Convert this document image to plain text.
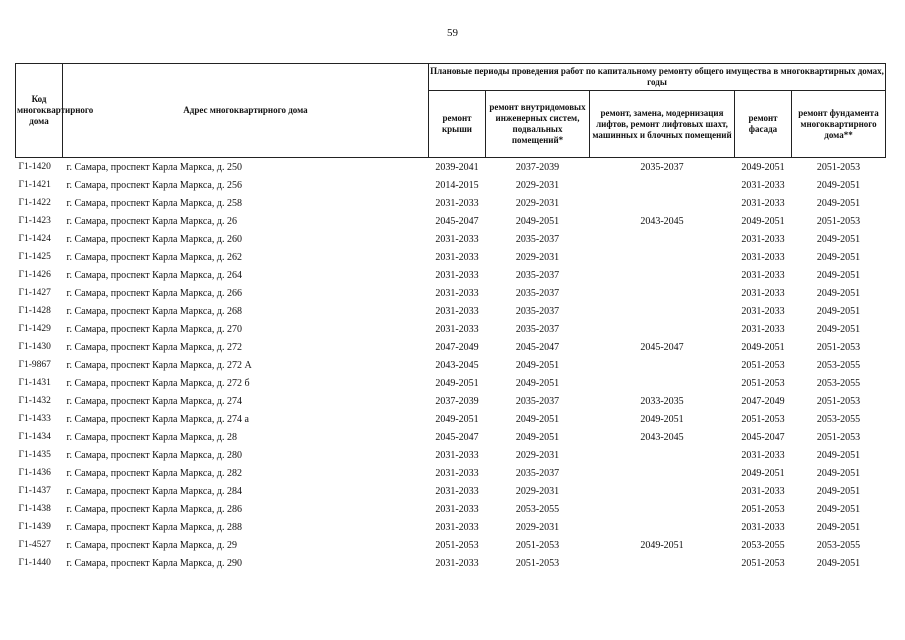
59
Код многоквартирного дома	Адрес многоквартирного дома	Плановые периоды проведения работ по капитальному ремонту общего имущества в многоквартирных домах, годы				
		ремонт крыши	ремонт внутридомовых инженерных систем, подвальных помещений*	ремонт, замена, модернизация лифтов, ремонт лифтовых шахт, машинных и блочных помещений	ремонт фасада	ремонт фундамента многоквартирного дома**
Г1-1420	г. Самара, проспект Карла Маркса, д. 250	2039-2041	2037-2039	2035-2037	2049-2051	2051-2053
Г1-1421	г. Самара, проспект Карла Маркса, д. 256	2014-2015	2029-2031		2031-2033	2049-2051
Г1-1422	г. Самара, проспект Карла Маркса, д. 258	2031-2033	2029-2031		2031-2033	2049-2051
Г1-1423	г. Самара, проспект Карла Маркса, д. 26	2045-2047	2049-2051	2043-2045	2049-2051	2051-2053
Г1-1424	г. Самара, проспект Карла Маркса, д. 260	2031-2033	2035-2037		2031-2033	2049-2051
Г1-1425	г. Самара, проспект Карла Маркса, д. 262	2031-2033	2029-2031		2031-2033	2049-2051
Г1-1426	г. Самара, проспект Карла Маркса, д. 264	2031-2033	2035-2037		2031-2033	2049-2051
Г1-1427	г. Самара, проспект Карла Маркса, д. 266	2031-2033	2035-2037		2031-2033	2049-2051
Г1-1428	г. Самара, проспект Карла Маркса, д. 268	2031-2033	2035-2037		2031-2033	2049-2051
Г1-1429	г. Самара, проспект Карла Маркса, д. 270	2031-2033	2035-2037		2031-2033	2049-2051
Г1-1430	г. Самара, проспект Карла Маркса, д. 272	2047-2049	2045-2047	2045-2047	2049-2051	2051-2053
Г1-9867	г. Самара, проспект Карла Маркса, д. 272 А	2043-2045	2049-2051		2051-2053	2053-2055
Г1-1431	г. Самара, проспект Карла Маркса, д. 272 б	2049-2051	2049-2051		2051-2053	2053-2055
Г1-1432	г. Самара, проспект Карла Маркса, д. 274	2037-2039	2035-2037	2033-2035	2047-2049	2051-2053
Г1-1433	г. Самара, проспект Карла Маркса, д. 274 а	2049-2051	2049-2051	2049-2051	2051-2053	2053-2055
Г1-1434	г. Самара, проспект Карла Маркса, д. 28	2045-2047	2049-2051	2043-2045	2045-2047	2051-2053
Г1-1435	г. Самара, проспект Карла Маркса, д. 280	2031-2033	2029-2031		2031-2033	2049-2051
Г1-1436	г. Самара, проспект Карла Маркса, д. 282	2031-2033	2035-2037		2049-2051	2049-2051
Г1-1437	г. Самара, проспект Карла Маркса, д. 284	2031-2033	2029-2031		2031-2033	2049-2051
Г1-1438	г. Самара, проспект Карла Маркса, д. 286	2031-2033	2053-2055		2051-2053	2049-2051
Г1-1439	г. Самара, проспект Карла Маркса, д. 288	2031-2033	2029-2031		2031-2033	2049-2051
Г1-4527	г. Самара, проспект Карла Маркса, д. 29	2051-2053	2051-2053	2049-2051	2053-2055	2053-2055
Г1-1440	г. Самара, проспект Карла Маркса, д. 290	2031-2033	2051-2053		2051-2053	2049-2051
